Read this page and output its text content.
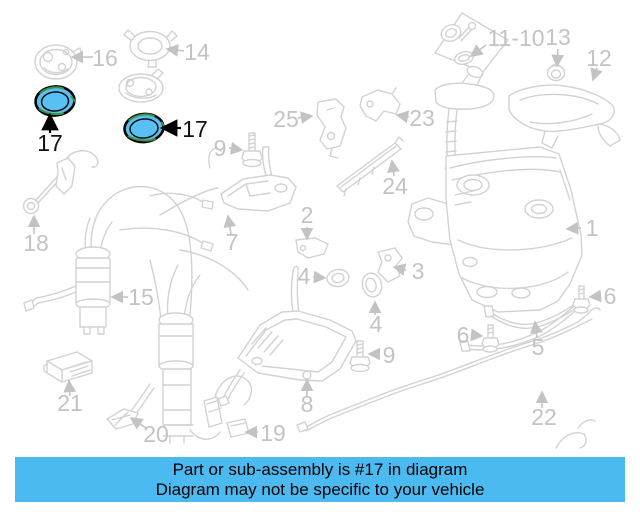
16	14
17
17
11-10 13
12
25	23
9
24
18
15
7
2
3
4
4
9
1
6
6	5
8
21
20	19
22
Part or sub-assembly is #17 in diagram
Diagram may not be specific to your vehicle
